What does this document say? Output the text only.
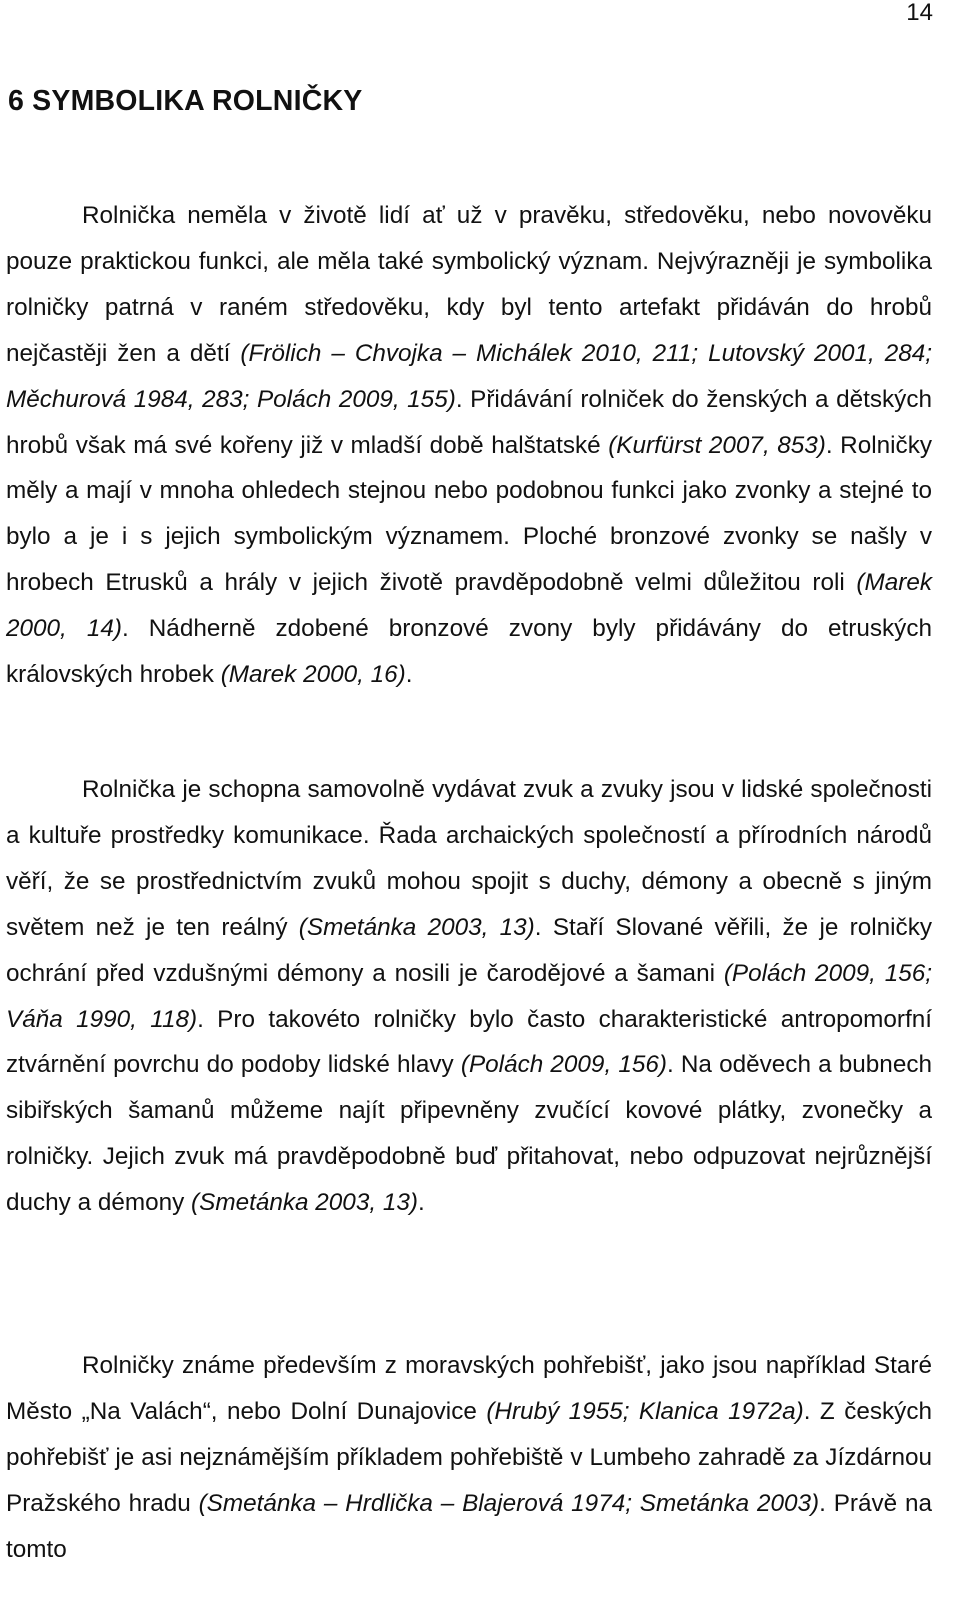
14
6 SYMBOLIKA ROLNIČKY

Rolnička neměla v životě lidí ať už v pravěku, středověku, nebo novověku pouze praktickou funkci, ale měla také symbolický význam. Nejvýrazněji je symbolika rolničky patrná v raném středověku, kdy byl tento artefakt přidáván do hrobů nejčastěji žen a dětí (Frölich – Chvojka – Michálek 2010, 211; Lutovský 2001, 284; Měchurová 1984, 283; Polách 2009, 155). Přidávání rolniček do ženských a dětských hrobů však má své kořeny již v mladší době halštatské (Kurfürst 2007, 853). Rolničky měly a mají v mnoha ohledech stejnou nebo podobnou funkci jako zvonky a stejné to bylo a je i s jejich symbolickým významem. Ploché bronzové zvonky se našly v hrobech Etrusků a hrály v jejich životě pravděpodobně velmi důležitou roli (Marek 2000, 14). Nádherně zdobené bronzové zvony byly přidávány do etruských královských hrobek (Marek 2000, 16).

Rolnička je schopna samovolně vydávat zvuk a zvuky jsou v lidské společnosti a kultuře prostředky komunikace. Řada archaických společností a přírodních národů věří, že se prostřednictvím zvuků mohou spojit s duchy, démony a obecně s jiným světem než je ten reálný (Smetánka 2003, 13). Staří Slované věřili, že je rolničky ochrání před vzdušnými démony a nosili je čarodějové a šamani (Polách 2009, 156; Váňa 1990, 118). Pro takovéto rolničky bylo často charakteristické antropomorfní ztvárnění povrchu do podoby lidské hlavy (Polách 2009, 156). Na oděvech a bubnech sibiřských šamanů můžeme najít připevněny zvučící kovové plátky, zvonečky a rolničky. Jejich zvuk má pravděpodobně buď přitahovat, nebo odpuzovat nejrůznější duchy a démony (Smetánka 2003, 13).

Rolničky známe především z moravských pohřebišť, jako jsou například Staré Město „Na Valách“, nebo Dolní Dunajovice (Hrubý 1955; Klanica 1972a). Z českých pohřebišť je asi nejznámějším příkladem pohřebiště v Lumbeho zahradě za Jízdárnou Pražského hradu (Smetánka – Hrdlička – Blajerová 1974; Smetánka 2003). Právě na tomto
